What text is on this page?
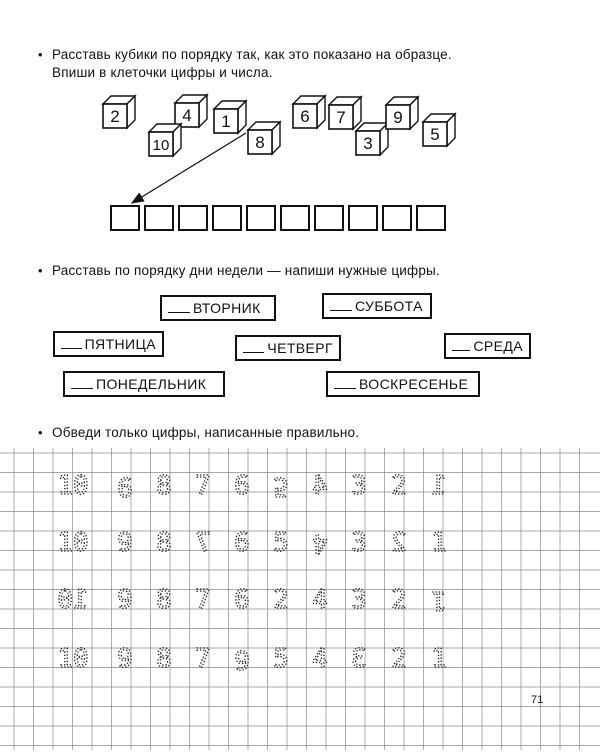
• Расставь кубики по порядку так, как это показано на образце.
Впиши в клеточки цифры и числа.
2	4
10
1
8
6 7
3
9
5
• Расставь по порядку дни недели — напиши нужные цифры.
ВТОРНИК	СУББОТА
ПЯТНИЦА	ЧЕТВЕРГ	СРЕДА
ПОНЕДЕЛЬНИК	ВОСКРЕСЕНЬЕ
• Обведи только цифры, написанные правильно.
10 9 8 7 6 5 4 3 2 1
10 9 8 7 6 5 4 3 2 1
10 9 8 7 6 2 4 3 2 1
10 9 8 7 6 5 4 3 2 1
71
